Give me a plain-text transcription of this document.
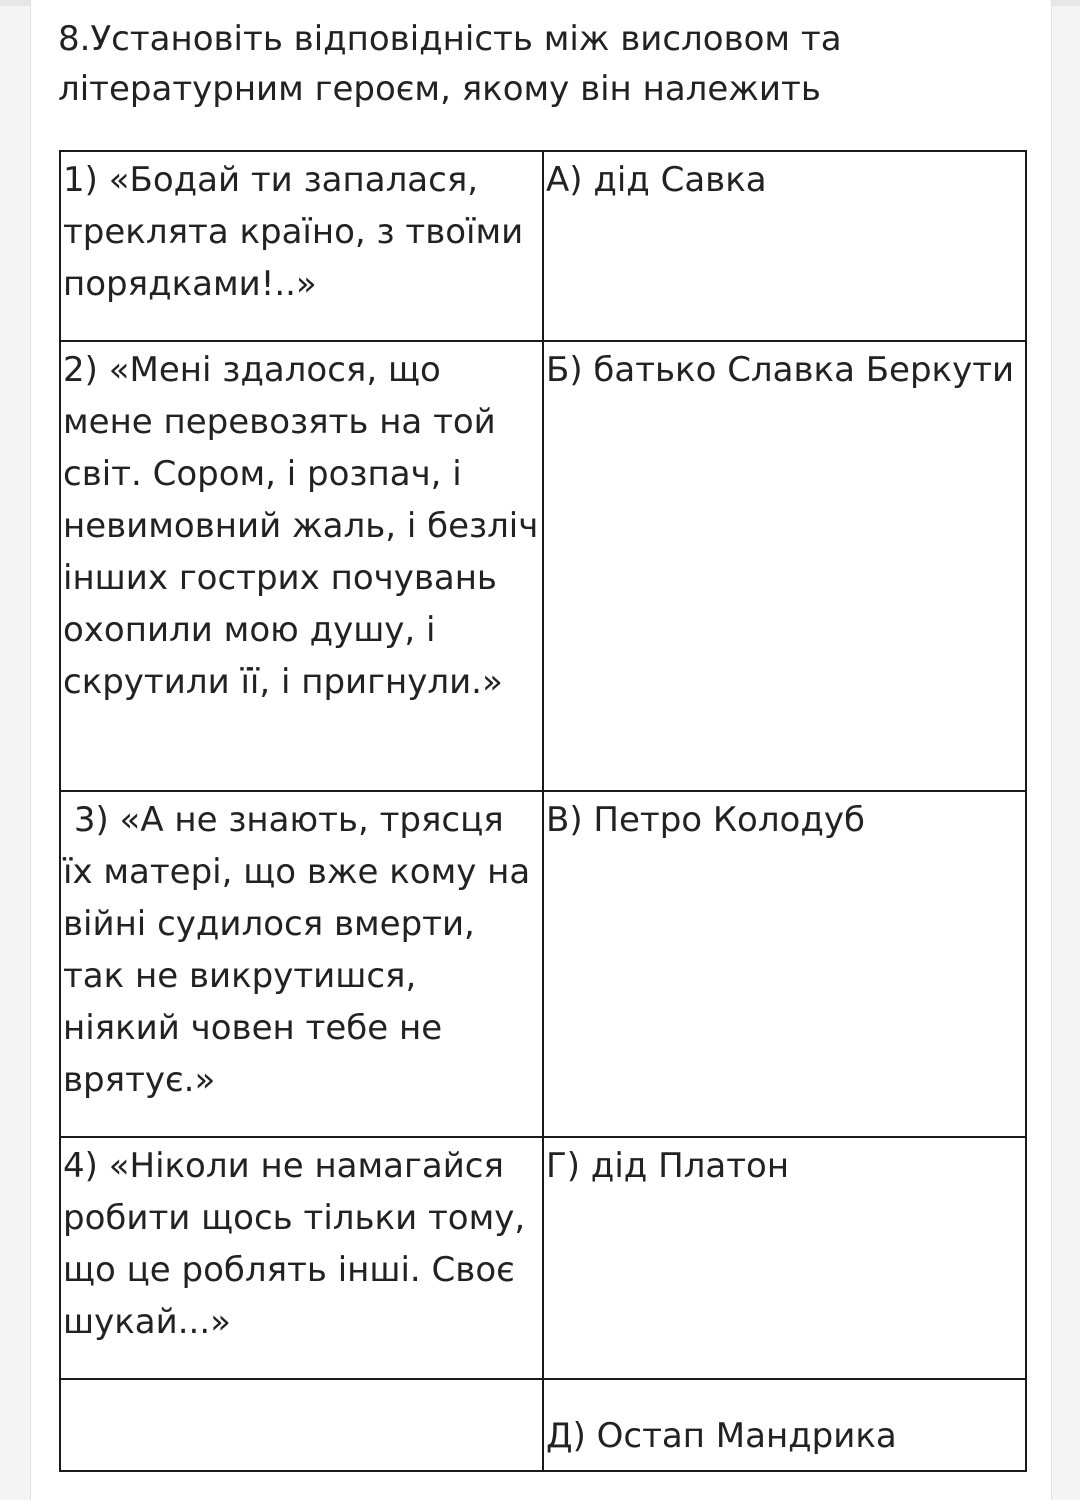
8.Установіть відповідність між висловом та літературним героєм, якому він належить
1) «Бодай ти запалася, треклята країно, з твоїми порядками!..»	А) дід Савка
2) «Мені здалося, що мене перевозять на той світ. Сором, і розпач, і невимовний жаль, і безліч інших гострих почувань охопили мою душу, і скрутили її, і пригнули.»	Б) батько Славка Беркути
3) «А не знають, трясця їх матері, що вже кому на війні судилося вмерти, так не викрутишся, ніякий човен тебе не врятує.»	В) Петро Колодуб
4) «Ніколи не намагайся робити щось тільки тому, що це роблять інші. Своє шукай...»	Г) дід Платон
	Д) Остап Мандрика
